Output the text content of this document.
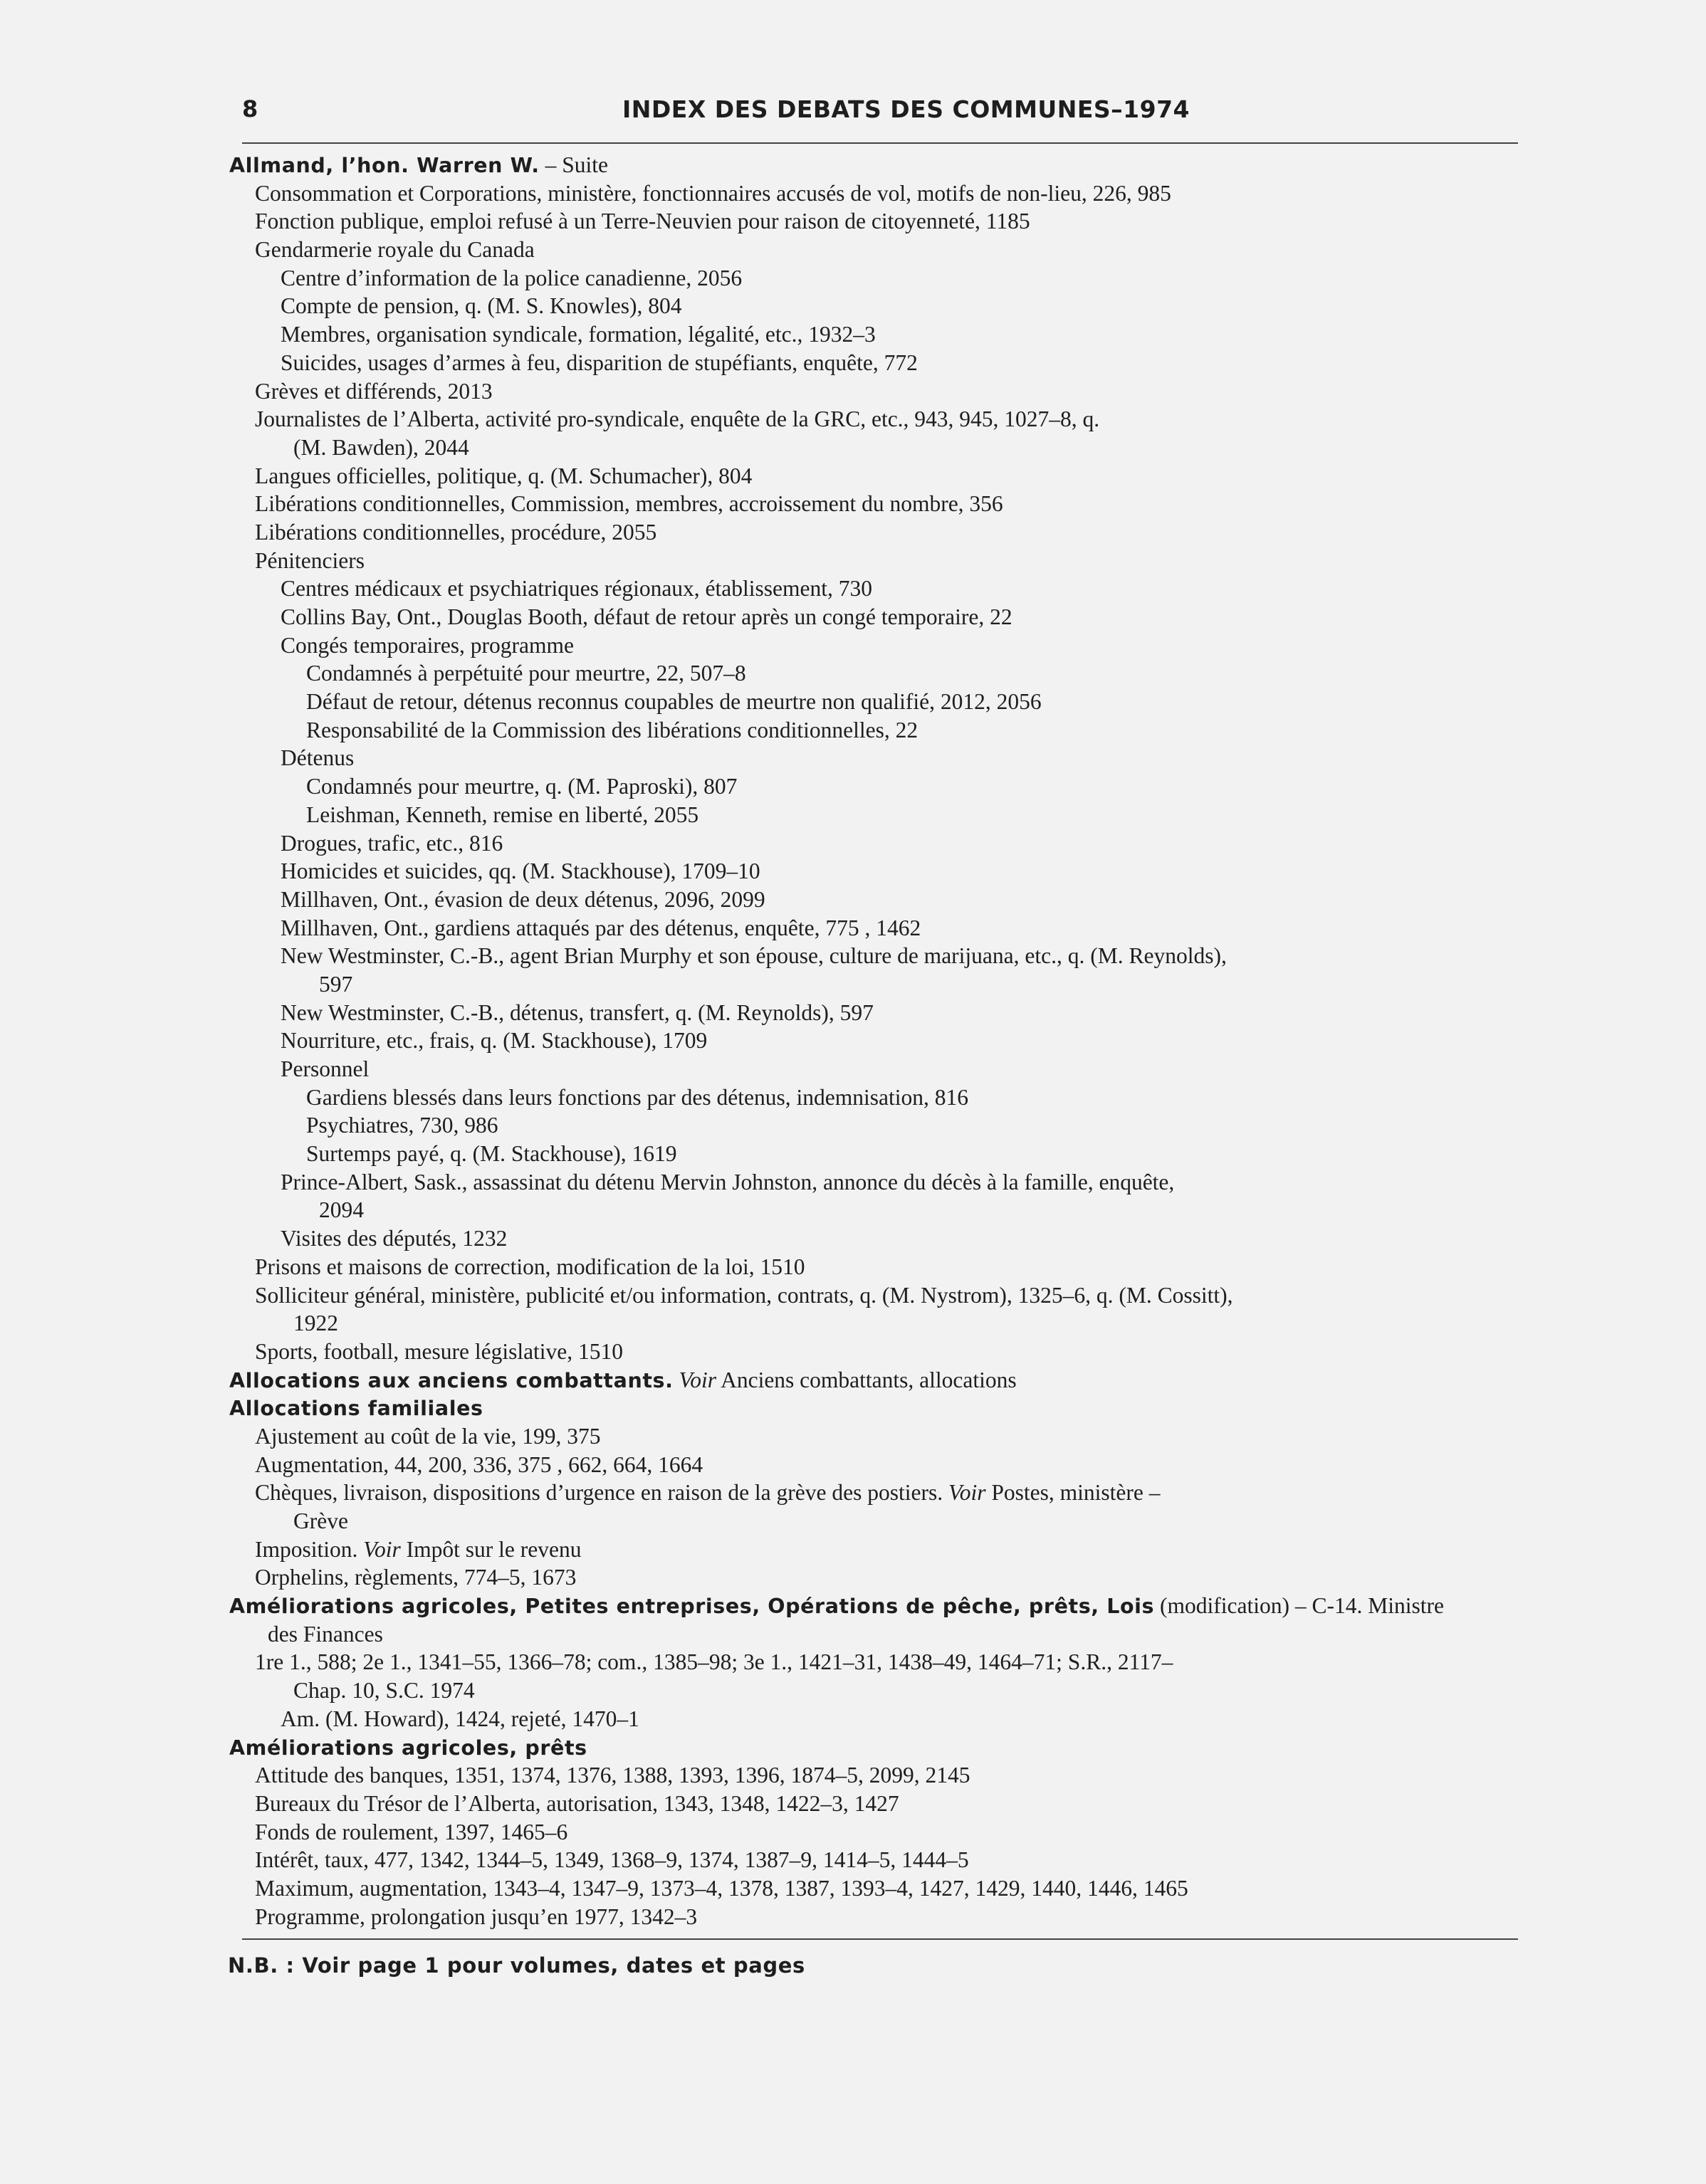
8	INDEX DES DEBATS DES COMMUNES–1974
Allmand, l’hon. Warren W. – Suite
Consommation et Corporations, ministère, fonctionnaires accusés de vol, motifs de non-lieu, 226, 985
Fonction publique, emploi refusé à un Terre-Neuvien pour raison de citoyenneté, 1185
Gendarmerie royale du Canada
Centre d’information de la police canadienne, 2056
Compte de pension, q. (M. S. Knowles), 804
Membres, organisation syndicale, formation, légalité, etc., 1932–3
Suicides, usages d’armes à feu, disparition de stupéfiants, enquête, 772
Grèves et différends, 2013
Journalistes de l’Alberta, activité pro-syndicale, enquête de la GRC, etc., 943, 945, 1027–8, q.
(M. Bawden), 2044
Langues officielles, politique, q. (M. Schumacher), 804
Libérations conditionnelles, Commission, membres, accroissement du nombre, 356
Libérations conditionnelles, procédure, 2055
Pénitenciers
Centres médicaux et psychiatriques régionaux, établissement, 730
Collins Bay, Ont., Douglas Booth, défaut de retour après un congé temporaire, 22
Congés temporaires, programme
Condamnés à perpétuité pour meurtre, 22, 507–8
Défaut de retour, détenus reconnus coupables de meurtre non qualifié, 2012, 2056
Responsabilité de la Commission des libérations conditionnelles, 22
Détenus
Condamnés pour meurtre, q. (M. Paproski), 807
Leishman, Kenneth, remise en liberté, 2055
Drogues, trafic, etc., 816
Homicides et suicides, qq. (M. Stackhouse), 1709–10
Millhaven, Ont., évasion de deux détenus, 2096, 2099
Millhaven, Ont., gardiens attaqués par des détenus, enquête, 775 , 1462
New Westminster, C.-B., agent Brian Murphy et son épouse, culture de marijuana, etc., q. (M. Reynolds),
597
New Westminster, C.-B., détenus, transfert, q. (M. Reynolds), 597
Nourriture, etc., frais, q. (M. Stackhouse), 1709
Personnel
Gardiens blessés dans leurs fonctions par des détenus, indemnisation, 816
Psychiatres, 730, 986
Surtemps payé, q. (M. Stackhouse), 1619
Prince-Albert, Sask., assassinat du détenu Mervin Johnston, annonce du décès à la famille, enquête,
2094
Visites des députés, 1232
Prisons et maisons de correction, modification de la loi, 1510
Solliciteur général, ministère, publicité et/ou information, contrats, q. (M. Nystrom), 1325–6, q. (M. Cossitt),
1922
Sports, football, mesure législative, 1510
Allocations aux anciens combattants. Voir Anciens combattants, allocations
Allocations familiales
Ajustement au coût de la vie, 199, 375
Augmentation, 44, 200, 336, 375 , 662, 664, 1664
Chèques, livraison, dispositions d’urgence en raison de la grève des postiers. Voir Postes, ministère –
Grève
Imposition. Voir Impôt sur le revenu
Orphelins, règlements, 774–5, 1673
Améliorations agricoles, Petites entreprises, Opérations de pêche, prêts, Lois (modification) – C-14. Ministre
des Finances
1re 1., 588; 2e 1., 1341–55, 1366–78; com., 1385–98; 3e 1., 1421–31, 1438–49, 1464–71; S.R., 2117–
Chap. 10, S.C. 1974
Am. (M. Howard), 1424, rejeté, 1470–1
Améliorations agricoles, prêts
Attitude des banques, 1351, 1374, 1376, 1388, 1393, 1396, 1874–5, 2099, 2145
Bureaux du Trésor de l’Alberta, autorisation, 1343, 1348, 1422–3, 1427
Fonds de roulement, 1397, 1465–6
Intérêt, taux, 477, 1342, 1344–5, 1349, 1368–9, 1374, 1387–9, 1414–5, 1444–5
Maximum, augmentation, 1343–4, 1347–9, 1373–4, 1378, 1387, 1393–4, 1427, 1429, 1440, 1446, 1465
Programme, prolongation jusqu’en 1977, 1342–3
N.B. : Voir page 1 pour volumes, dates et pages
